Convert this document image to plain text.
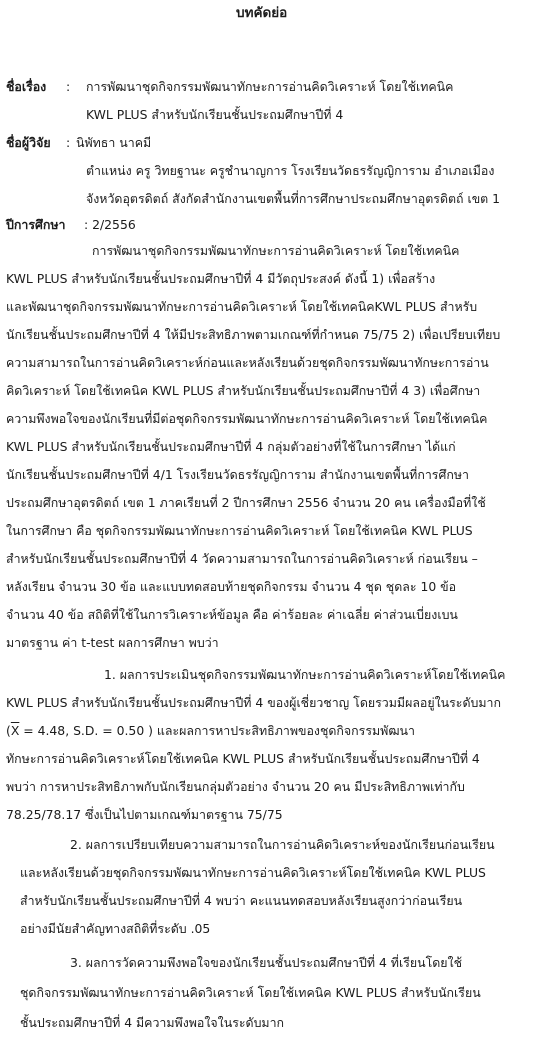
บทคัดย่อ
ชื่อเรื่อง : การพัฒนาชุดกิจกรรมพัฒนาทักษะการอ่านคิดวิเคราะห์ โดยใช้เทคนิค
KWL PLUS สำหรับนักเรียนชั้นประถมศึกษาปีที่ 4
ชื่อผู้วิจัย : นิพัทธา นาคมี
ตำแหน่ง ครู วิทยฐานะ ครูชำนาญการ โรงเรียนวัดธรรัญญิการาม อำเภอเมือง
จังหวัดอุตรดิตถ์ สังกัดสำนักงานเขตพื้นที่การศึกษาประถมศึกษาอุตรดิตถ์ เขต 1
ปีการศึกษา : 2/2556
การพัฒนาชุดกิจกรรมพัฒนาทักษะการอ่านคิดวิเคราะห์ โดยใช้เทคนิค
KWL PLUS สำหรับนักเรียนชั้นประถมศึกษาปีที่ 4 มีวัตถุประสงค์ ดังนี้ 1) เพื่อสร้าง
และพัฒนาชุดกิจกรรมพัฒนาทักษะการอ่านคิดวิเคราะห์ โดยใช้เทคนิคKWL PLUS สำหรับ
นักเรียนชั้นประถมศึกษาปีที่ 4 ให้มีประสิทธิภาพตามเกณฑ์ที่กำหนด 75/75 2) เพื่อเปรียบเทียบ
ความสามารถในการอ่านคิดวิเคราะห์ก่อนและหลังเรียนด้วยชุดกิจกรรมพัฒนาทักษะการอ่าน
คิดวิเคราะห์ โดยใช้เทคนิค KWL PLUS สำหรับนักเรียนชั้นประถมศึกษาปีที่ 4 3) เพื่อศึกษา
ความพึงพอใจของนักเรียนที่มีต่อชุดกิจกรรมพัฒนาทักษะการอ่านคิดวิเคราะห์ โดยใช้เทคนิค
KWL PLUS สำหรับนักเรียนชั้นประถมศึกษาปีที่ 4 กลุ่มตัวอย่างที่ใช้ในการศึกษา ได้แก่
นักเรียนชั้นประถมศึกษาปีที่ 4/1 โรงเรียนวัดธรรัญญิการาม สำนักงานเขตพื้นที่การศึกษา
ประถมศึกษาอุตรดิตถ์ เขต 1 ภาคเรียนที่ 2 ปีการศึกษา 2556 จำนวน 20 คน เครื่องมือที่ใช้
ในการศึกษา คือ ชุดกิจกรรมพัฒนาทักษะการอ่านคิดวิเคราะห์ โดยใช้เทคนิค KWL PLUS
สำหรับนักเรียนชั้นประถมศึกษาปีที่ 4 วัดความสามารถในการอ่านคิดวิเคราะห์ ก่อนเรียน –
หลังเรียน จำนวน 30 ข้อ และแบบทดสอบท้ายชุดกิจกรรม จำนวน 4 ชุด ชุดละ 10 ข้อ
จำนวน 40 ข้อ สถิติที่ใช้ในการวิเคราะห์ข้อมูล คือ ค่าร้อยละ ค่าเฉลี่ย ค่าส่วนเบี่ยงเบน
มาตรฐาน ค่า t-test ผลการศึกษา พบว่า
1. ผลการประเมินชุดกิจกรรมพัฒนาทักษะการอ่านคิดวิเคราะห์โดยใช้เทคนิค
KWL PLUS สำหรับนักเรียนชั้นประถมศึกษาปีที่ 4 ของผู้เชี่ยวชาญ โดยรวมมีผลอยู่ในระดับมาก
($\overline{X} = 4.48$, S.D. = 0.50 ) และผลการหาประสิทธิภาพของชุดกิจกรรมพัฒนา
ทักษะการอ่านคิดวิเคราะห์โดยใช้เทคนิค KWL PLUS สำหรับนักเรียนชั้นประถมศึกษาปีที่ 4
พบว่า การหาประสิทธิภาพกับนักเรียนกลุ่มตัวอย่าง จำนวน 20 คน มีประสิทธิภาพเท่ากับ
78.25/78.17 ซึ่งเป็นไปตามเกณฑ์มาตรฐาน 75/75
2. ผลการเปรียบเทียบความสามารถในการอ่านคิดวิเคราะห์ของนักเรียนก่อนเรียน
และหลังเรียนด้วยชุดกิจกรรมพัฒนาทักษะการอ่านคิดวิเคราะห์โดยใช้เทคนิค KWL PLUS
สำหรับนักเรียนชั้นประถมศึกษาปีที่ 4 พบว่า คะแนนทดสอบหลังเรียนสูงกว่าก่อนเรียน
อย่างมีนัยสำคัญทางสถิติที่ระดับ .05
3. ผลการวัดความพึงพอใจของนักเรียนชั้นประถมศึกษาปีที่ 4 ที่เรียนโดยใช้
ชุดกิจกรรมพัฒนาทักษะการอ่านคิดวิเคราะห์ โดยใช้เทคนิค KWL PLUS สำหรับนักเรียน
ชั้นประถมศึกษาปีที่ 4 มีความพึงพอใจในระดับมาก
